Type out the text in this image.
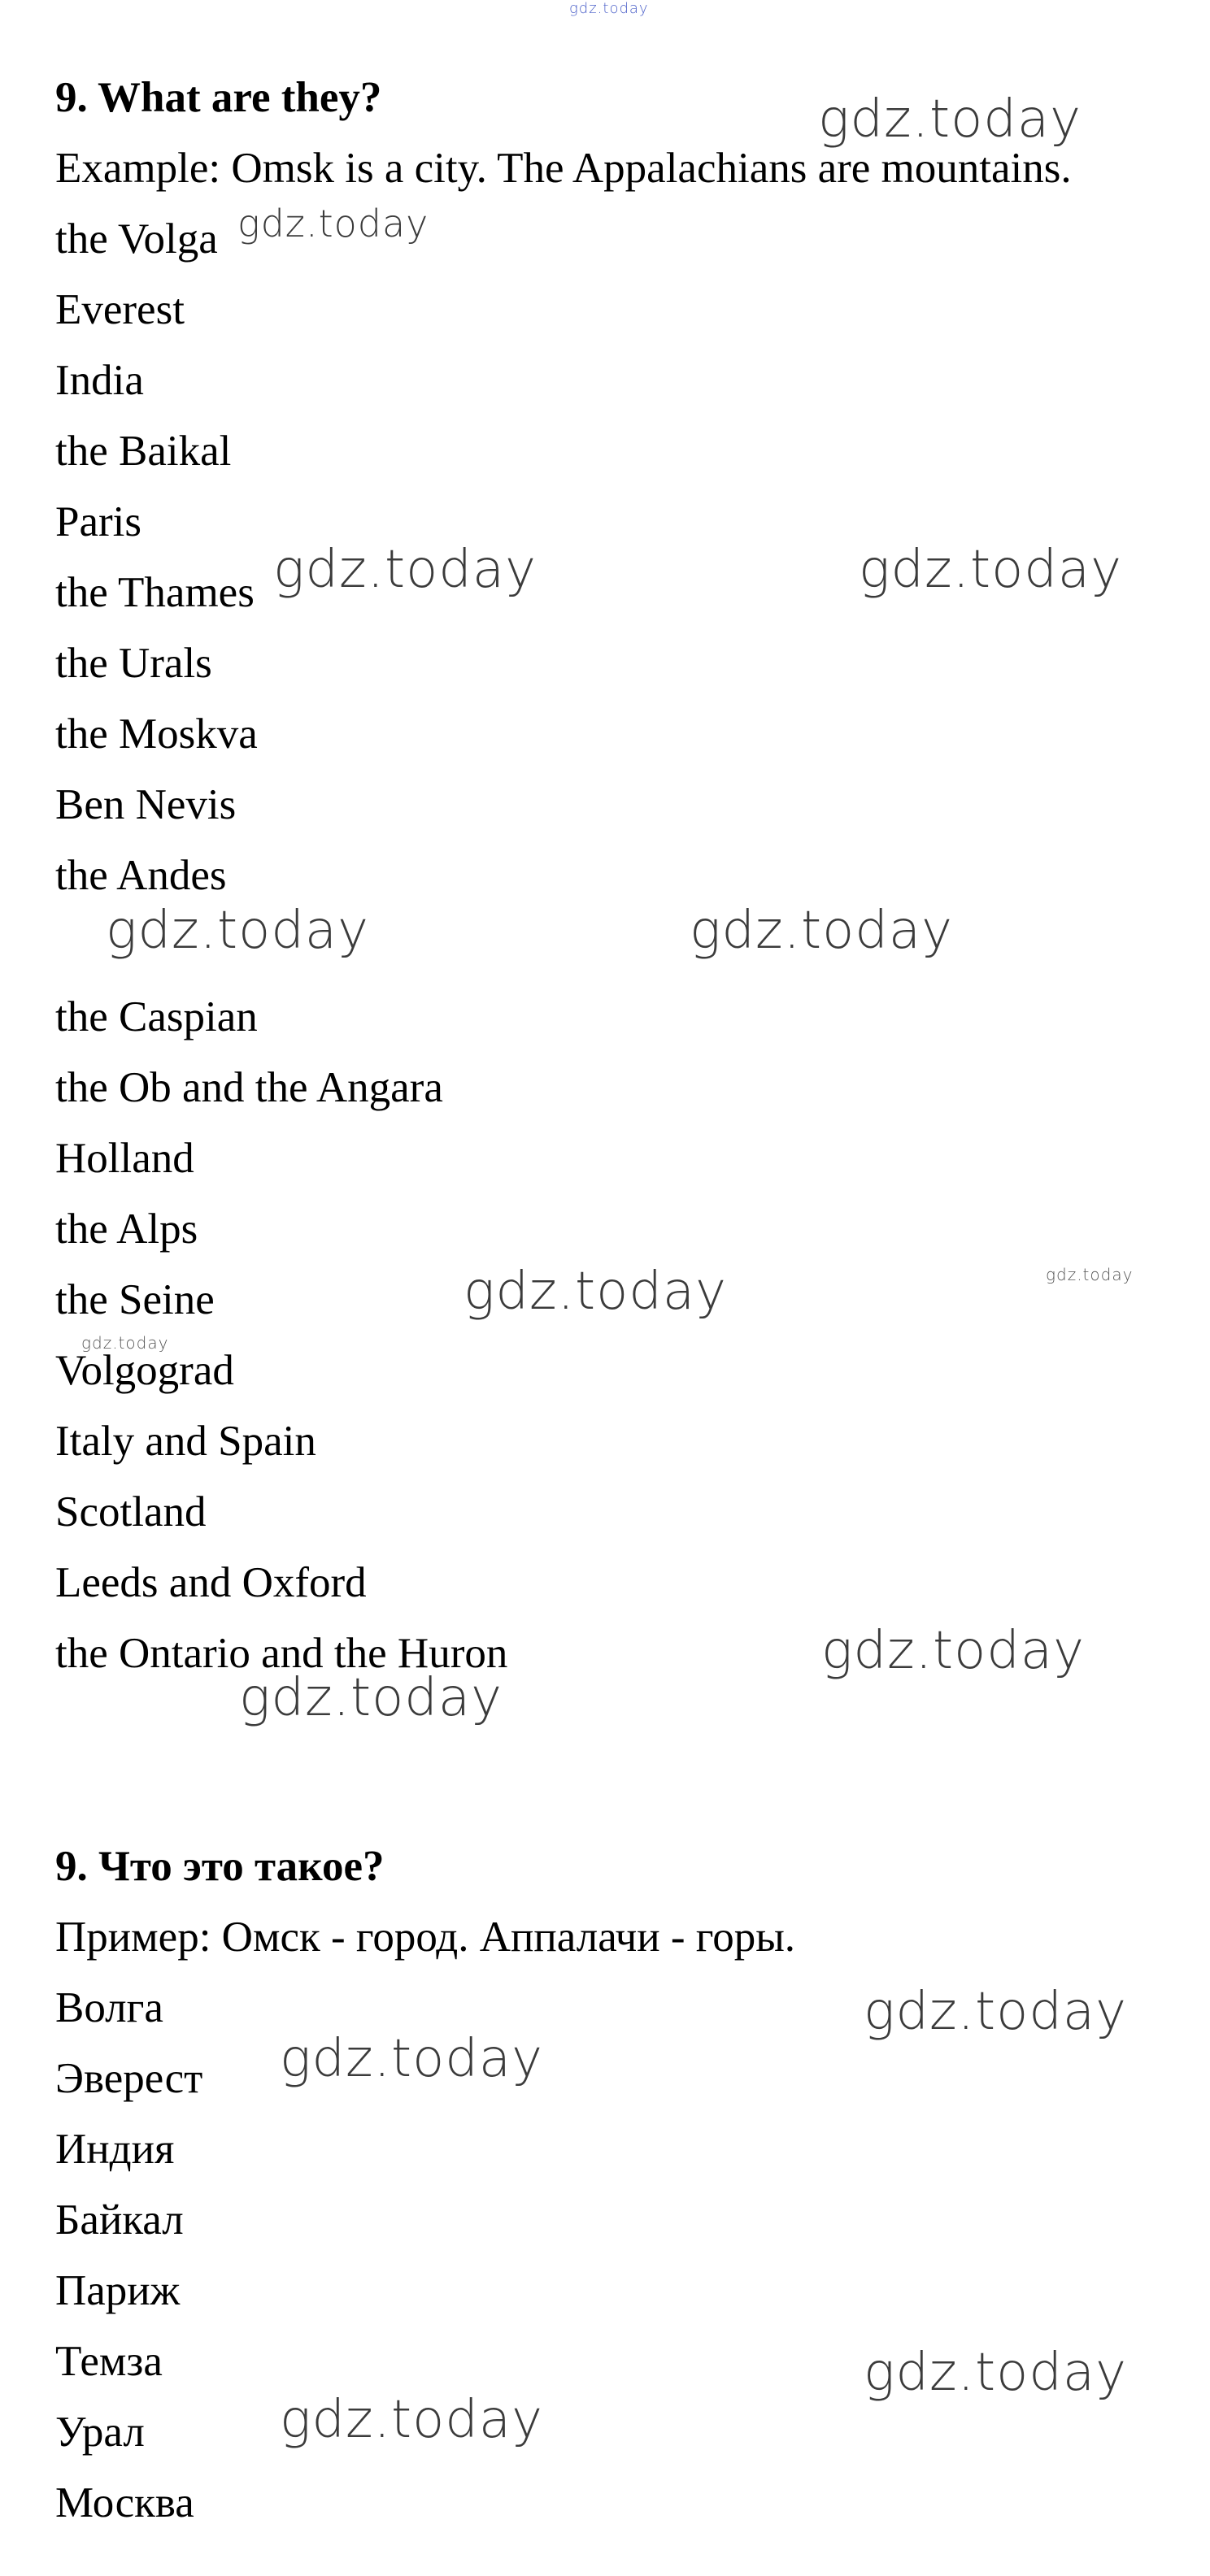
9. What are they?

Example: Omsk is a city. The Appalachians are mountains.

the Volga

Everest

India

the Baikal

Paris

the Thames

the Urals

the Moskva

Ben Nevis

the Andes

the Caspian

the Ob and the Angara

Holland

the Alps

the Seine

Volgograd

Italy and Spain

Scotland

Leeds and Oxford

the Ontario and the Huron

9. Что это такое?

Пример: Омск - город. Аппалачи - горы.

Волга

Эверест

Индия

Байкал

Париж

Темза

Урал

Москва

gdz.today
gdz.today
gdz.today
gdz.today	gdz.today
gdz.today	gdz.today
gdz.today	gdz.today
gdz.today
gdz.today
gdz.today
gdz.today
gdz.today
gdz.today
gdz.today
